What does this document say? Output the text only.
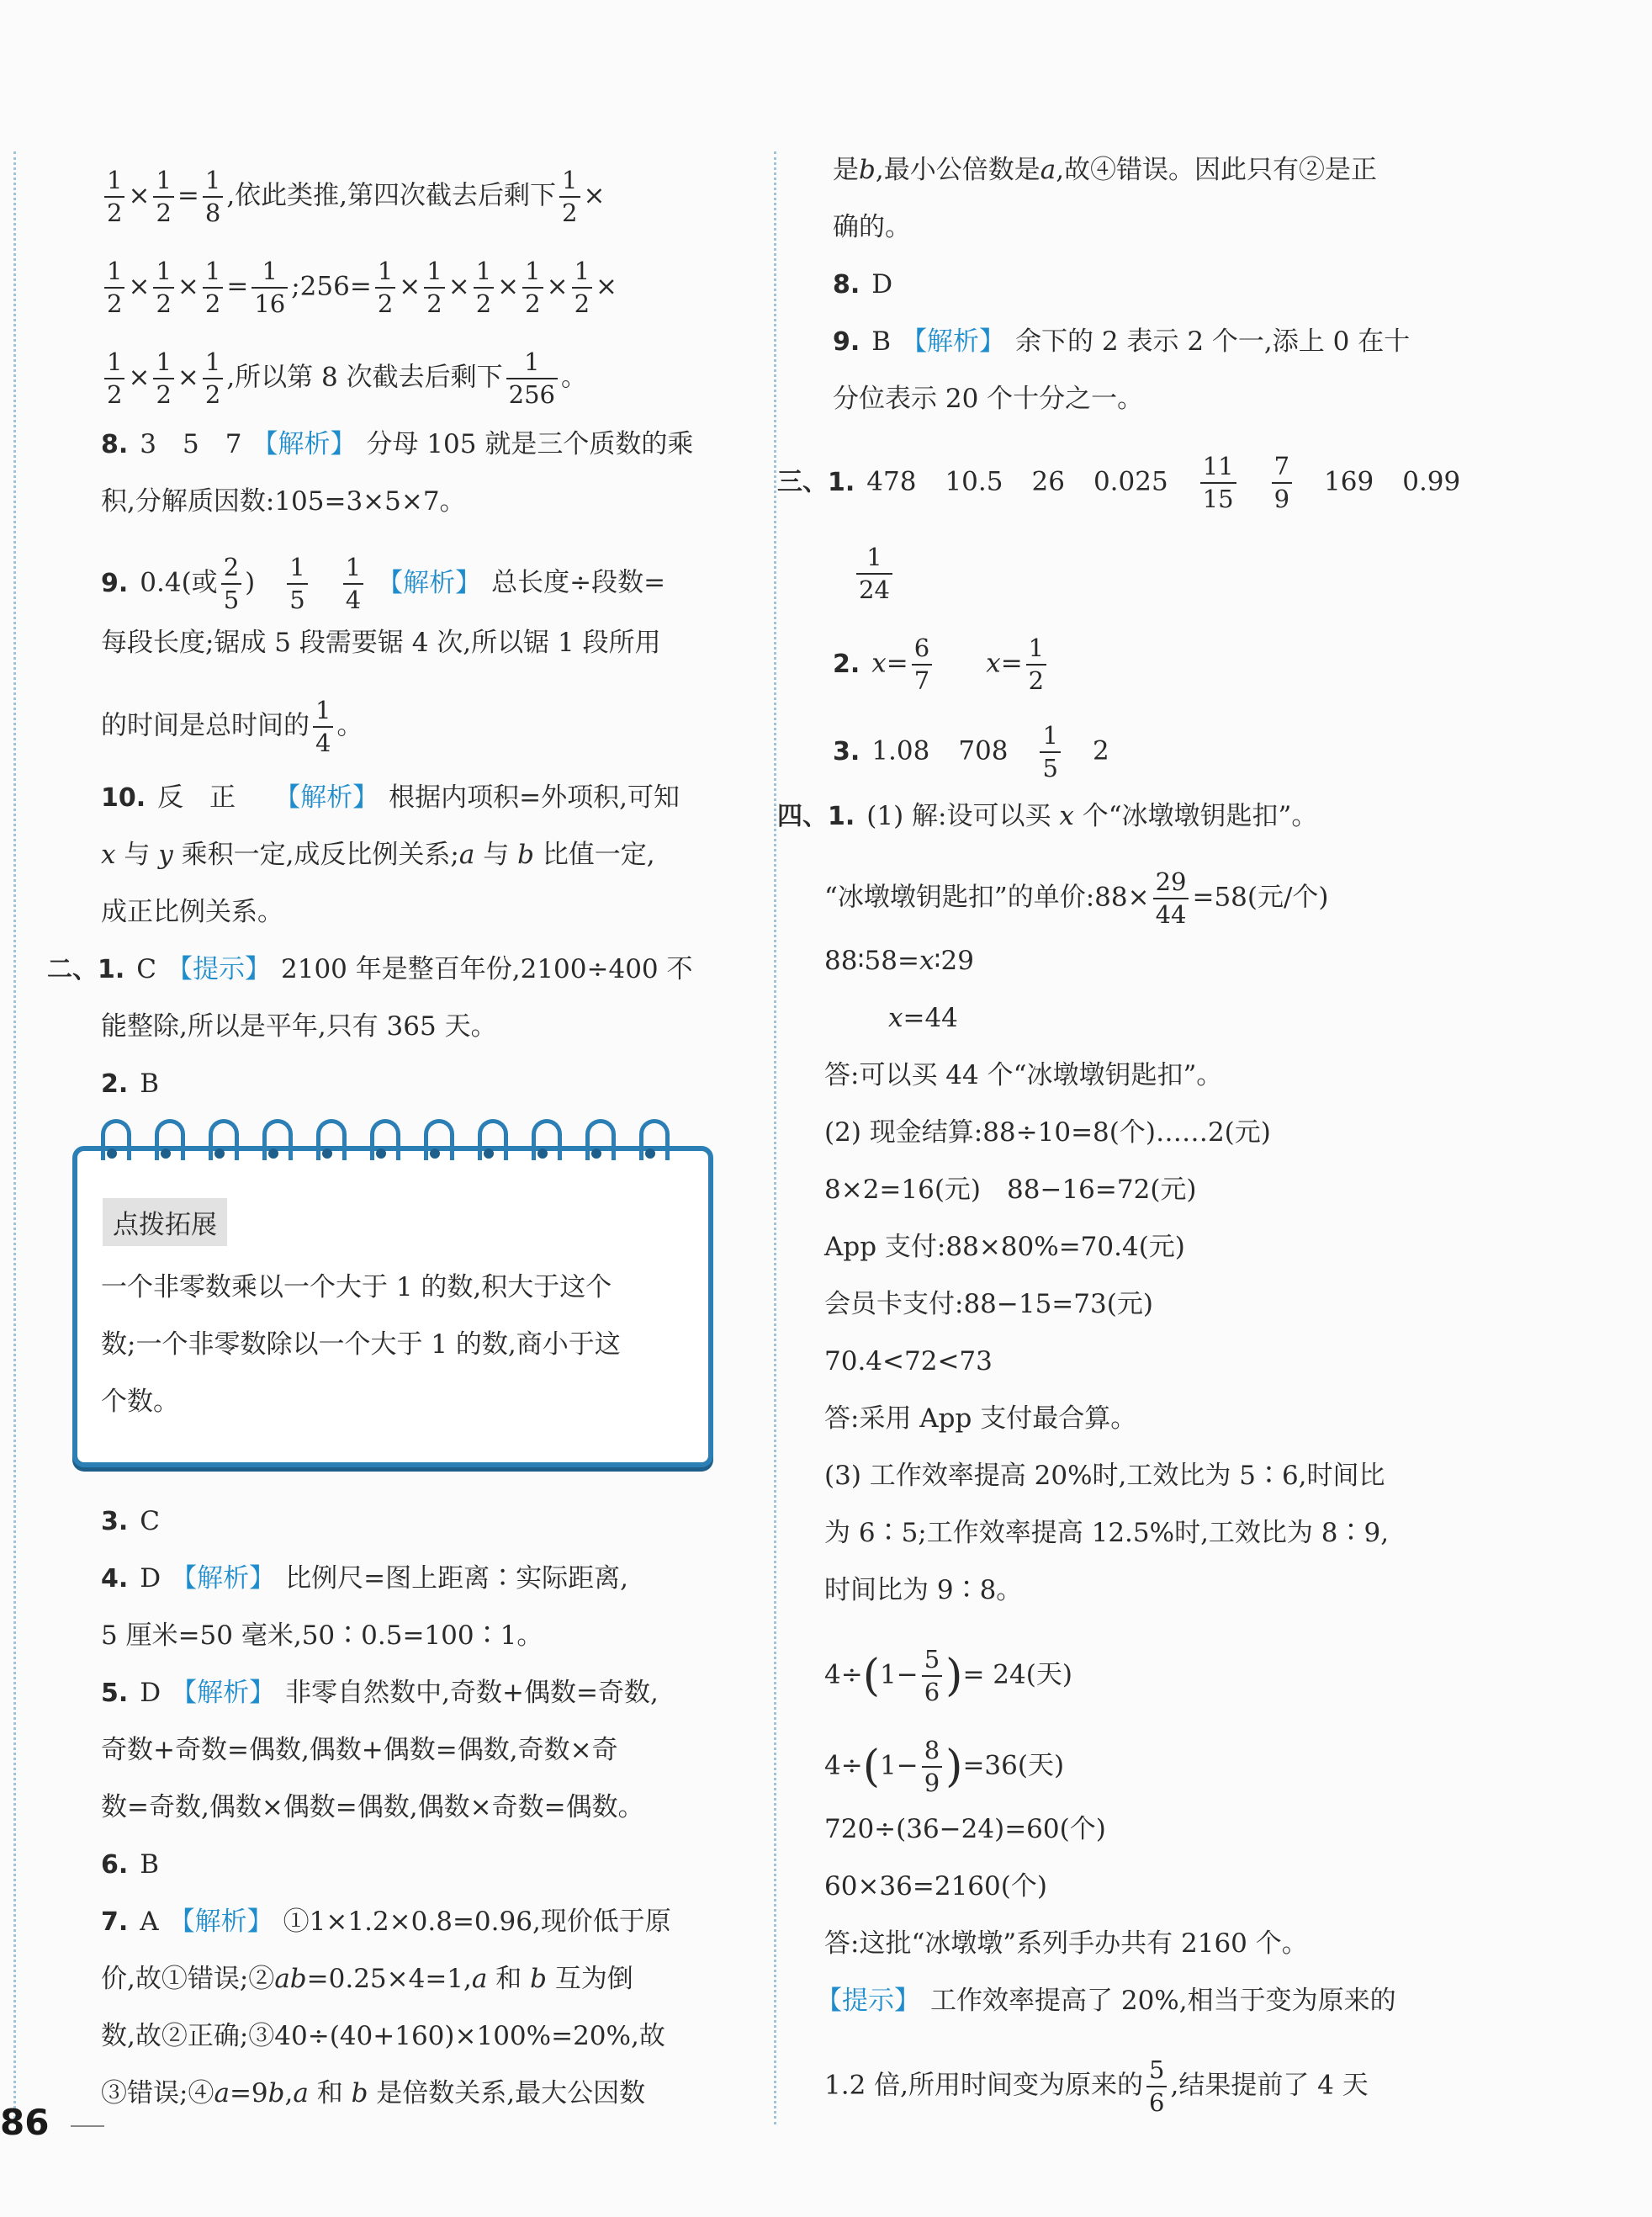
$\frac{1}{2} \times \frac{1}{2} = \frac{1}{8}$ ,依此类推,第四次截去后剩下 $\frac{1}{2}$ ×
$\frac{1}{2} \times \frac{1}{2} \times \frac{1}{2} = \frac{1}{16}$ ;256= $\frac{1}{2} \times \frac{1}{2} \times \frac{1}{2} \times \frac{1}{2} \times \frac{1}{2}$ ×
$\frac{1}{2} \times \frac{1}{2} \times \frac{1}{2}$ ,所以第 8 次截去后剩下 $\frac{1}{256}$ 。
8. 3　5　7 【解析】 分母 105 就是三个质数的乘
积,分解质因数:105=3×5×7。
9. 0.4(或 $\frac{2}{5}$ ) $\frac{1}{5} \frac{1}{4}$ 【解析】 总长度÷段数=
每段长度;锯成 5 段需要锯 4 次,所以锯 1 段所用
的时间是总时间的 $\frac{1}{4}$ 。
10. 反　正 【解析】 根据内项积=外项积,可知
x 与 y 乘积一定,成反比例关系;a 与 b 比值一定,
成正比例关系。
二、1. C 【提示】 2100 年是整百年份,2100÷400 不
能整除,所以是平年,只有 365 天。
2. B
点拨拓展
一个非零数乘以一个大于 1 的数,积大于这个
数;一个非零数除以一个大于 1 的数,商小于这
个数。
3. C
4. D 【解析】 比例尺=图上距离∶实际距离,
5 厘米=50 毫米,50∶0.5=100∶1。
5. D 【解析】 非零自然数中,奇数+偶数=奇数,
奇数+奇数=偶数,偶数+偶数=偶数,奇数×奇
数=奇数,偶数×偶数=偶数,偶数×奇数=偶数。
6. B
7. A 【解析】 ①1×1.2×0.8=0.96,现价低于原
价,故①错误;②ab=0.25×4=1,a 和 b 互为倒
数,故②正确;③40÷(40+160)×100%=20%,故
③错误;④a=9b,a 和 b 是倍数关系,最大公因数
是b,最小公倍数是a,故④错误。因此只有②是正
确的。
8. D
9. B 【解析】 余下的 2 表示 2 个一,添上 0 在十
分位表示 20 个十分之一。
三、1. 478 10.5 26 $0.025 \frac{11}{15} \frac{7}{9} 169$ 0.99
$\frac{1}{24}$
2. $x= \frac{6}{7} x= \frac{1}{2}$
3. 1.08 $708 \frac{1}{5} 2$
四、1. (1) 解:设可以买 x 个“冰墩墩钥匙扣”。
“冰墩墩钥匙扣”的单价:88× $\frac{29}{44} =58$(元/个)
88∶58=x∶29
x=44
答:可以买 44 个“冰墩墩钥匙扣”。
(2) 现金结算:88÷10=8(个)……2(元)
8×2=16(元)　88−16=72(元)
App 支付:88×80%=70.4(元)
会员卡支付:88−15=73(元)
70.4<72<73
答:采用 App 支付最合算。
(3) 工作效率提高 20%时,工效比为 5∶6,时间比
为 6∶5;工作效率提高 12.5%时,工效比为 8∶9,
时间比为 9∶8。
$4\div(1- \frac{5}{6}$ )= 24(天)
$4\div(1- \frac{8}{9} )=36$(天)
720÷(36−24)=60(个)
60×36=2160(个)
答:这批“冰墩墩”系列手办共有 2160 个。
【提示】 工作效率提高了 20%,相当于变为原来的
1.2 倍,所用时间变为原来的 $\frac{5}{6}$ ,结果提前了 4 天
86
